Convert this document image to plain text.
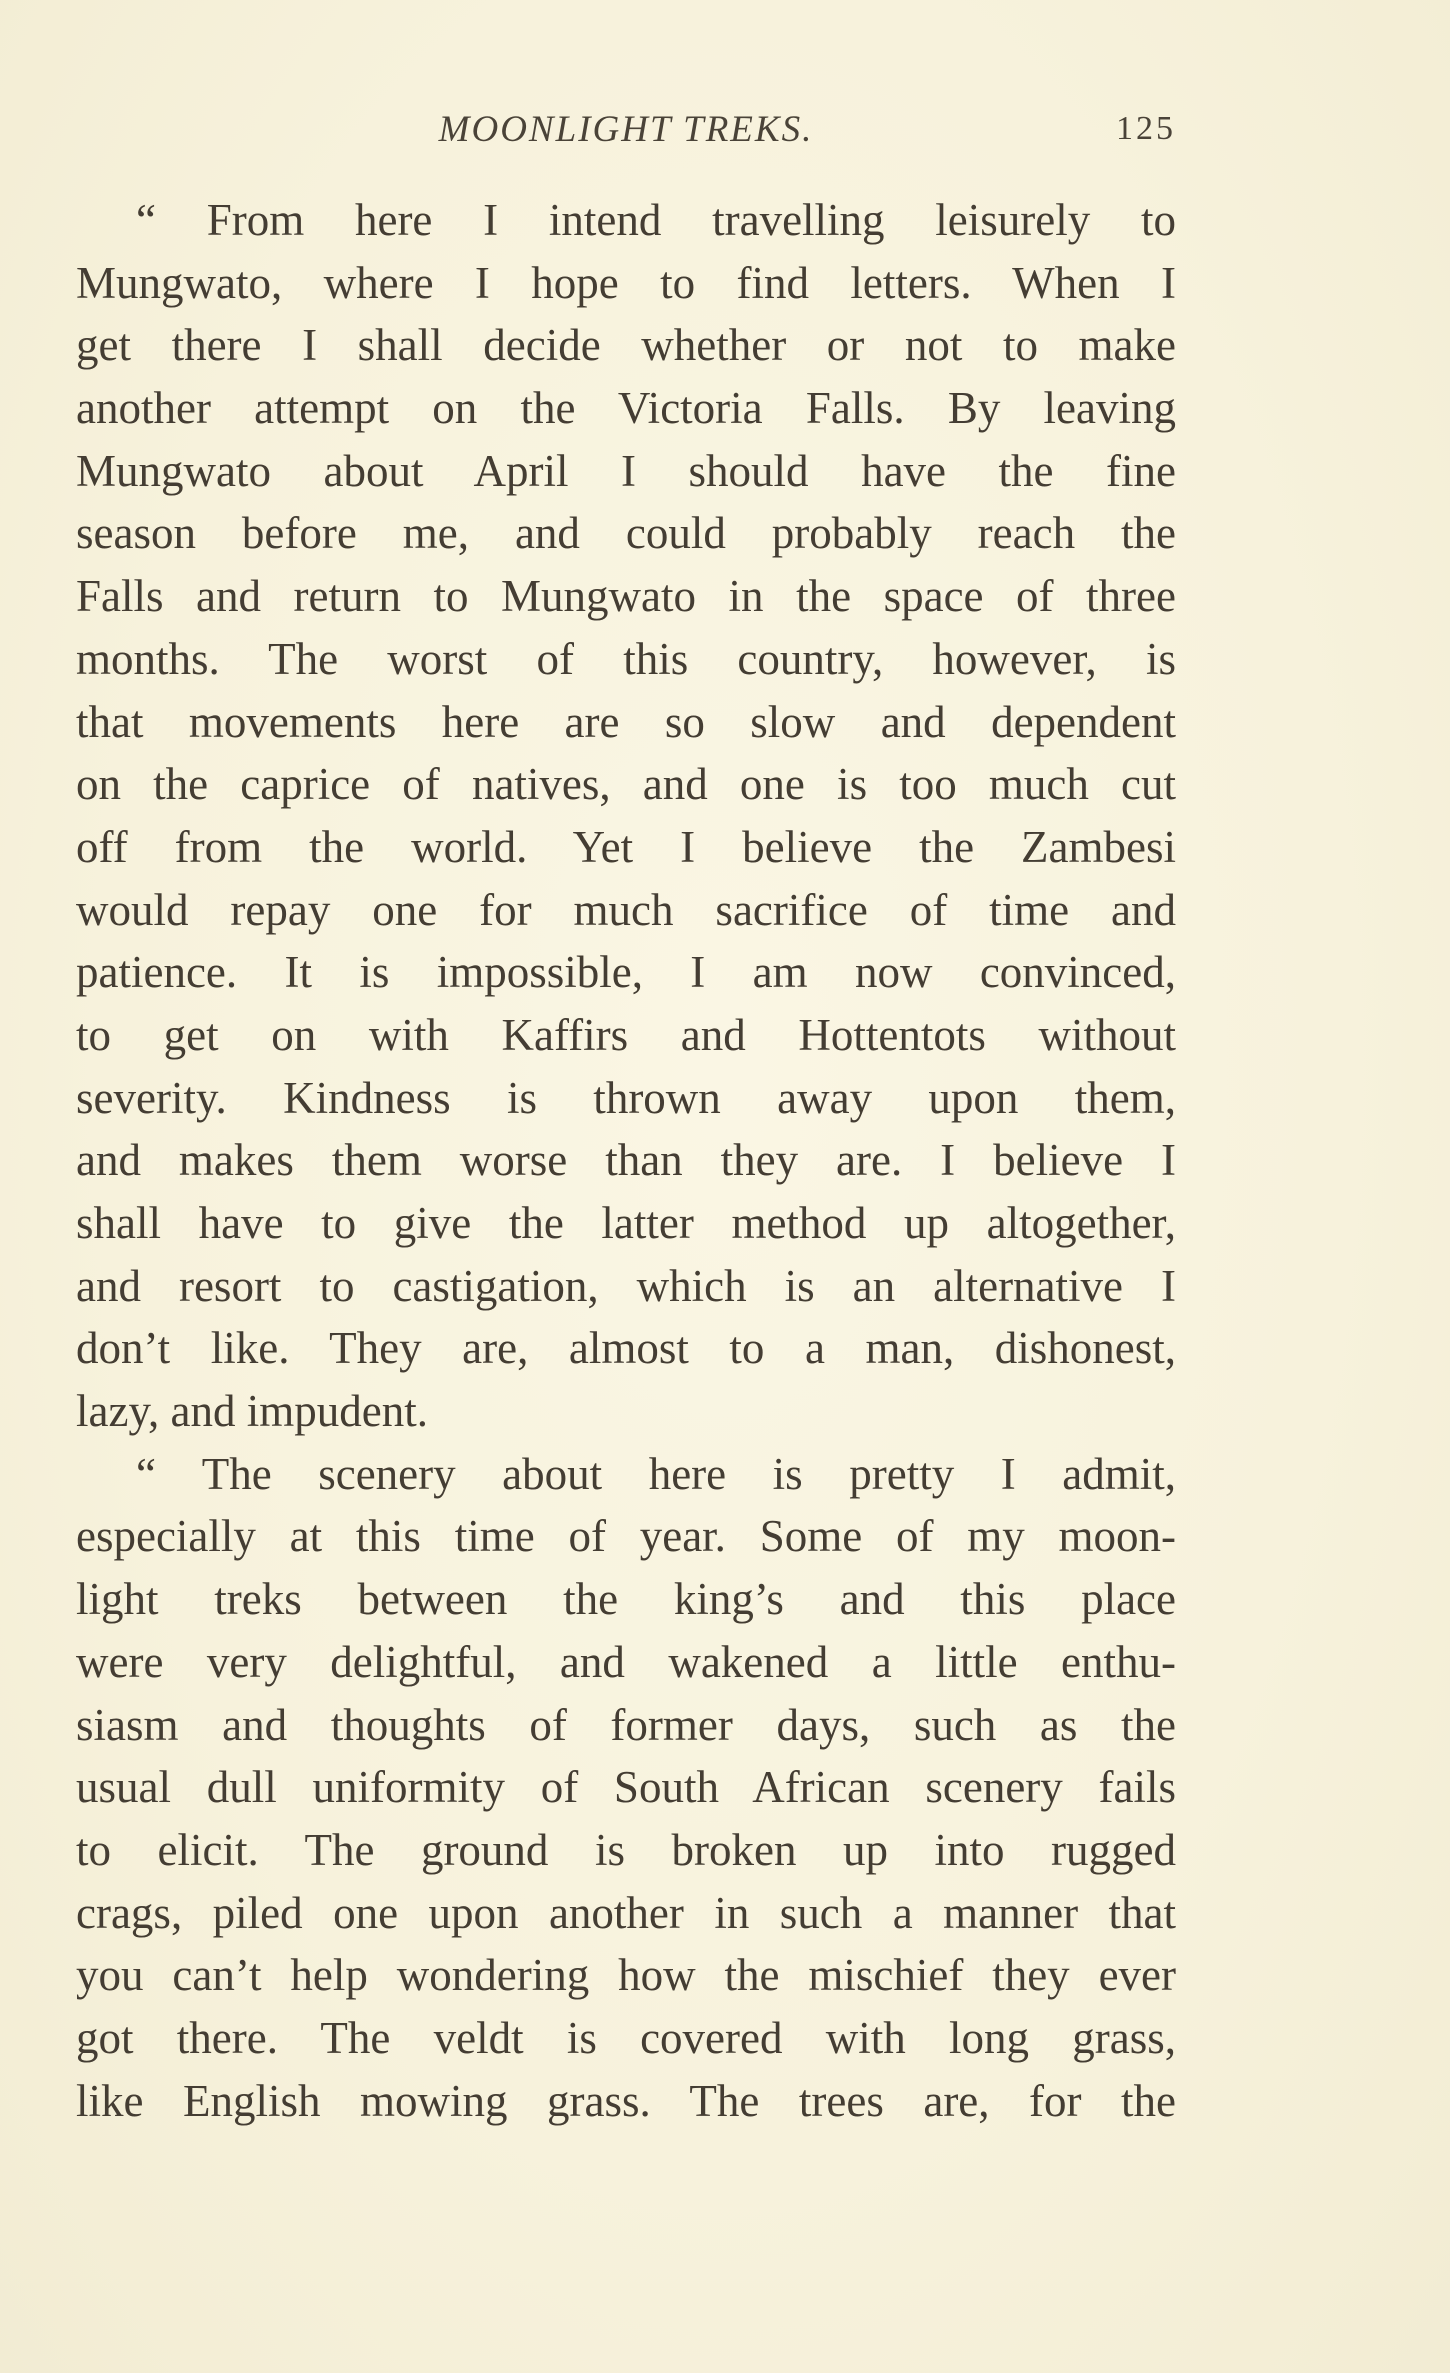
MOONLIGHT TREKS.	125
“ From here I intend travelling leisurely to
Mungwato, where I hope to find letters. When I
get there I shall decide whether or not to make
another attempt on the Victoria Falls. By leaving
Mungwato about April I should have the fine
season before me, and could probably reach the
Falls and return to Mungwato in the space of three
months. The worst of this country, however, is
that movements here are so slow and dependent
on the caprice of natives, and one is too much cut
off from the world. Yet I believe the Zambesi
would repay one for much sacrifice of time and
patience. It is impossible, I am now convinced,
to get on with Kaffirs and Hottentots without
severity. Kindness is thrown away upon them,
and makes them worse than they are. I believe I
shall have to give the latter method up altogether,
and resort to castigation, which is an alternative I
don’t like. They are, almost to a man, dishonest,
lazy, and impudent.
“ The scenery about here is pretty I admit,
especially at this time of year. Some of my moon-
light treks between the king’s and this place
were very delightful, and wakened a little enthu-
siasm and thoughts of former days, such as the
usual dull uniformity of South African scenery fails
to elicit. The ground is broken up into rugged
crags, piled one upon another in such a manner that
you can’t help wondering how the mischief they ever
got there. The veldt is covered with long grass,
like English mowing grass. The trees are, for the
